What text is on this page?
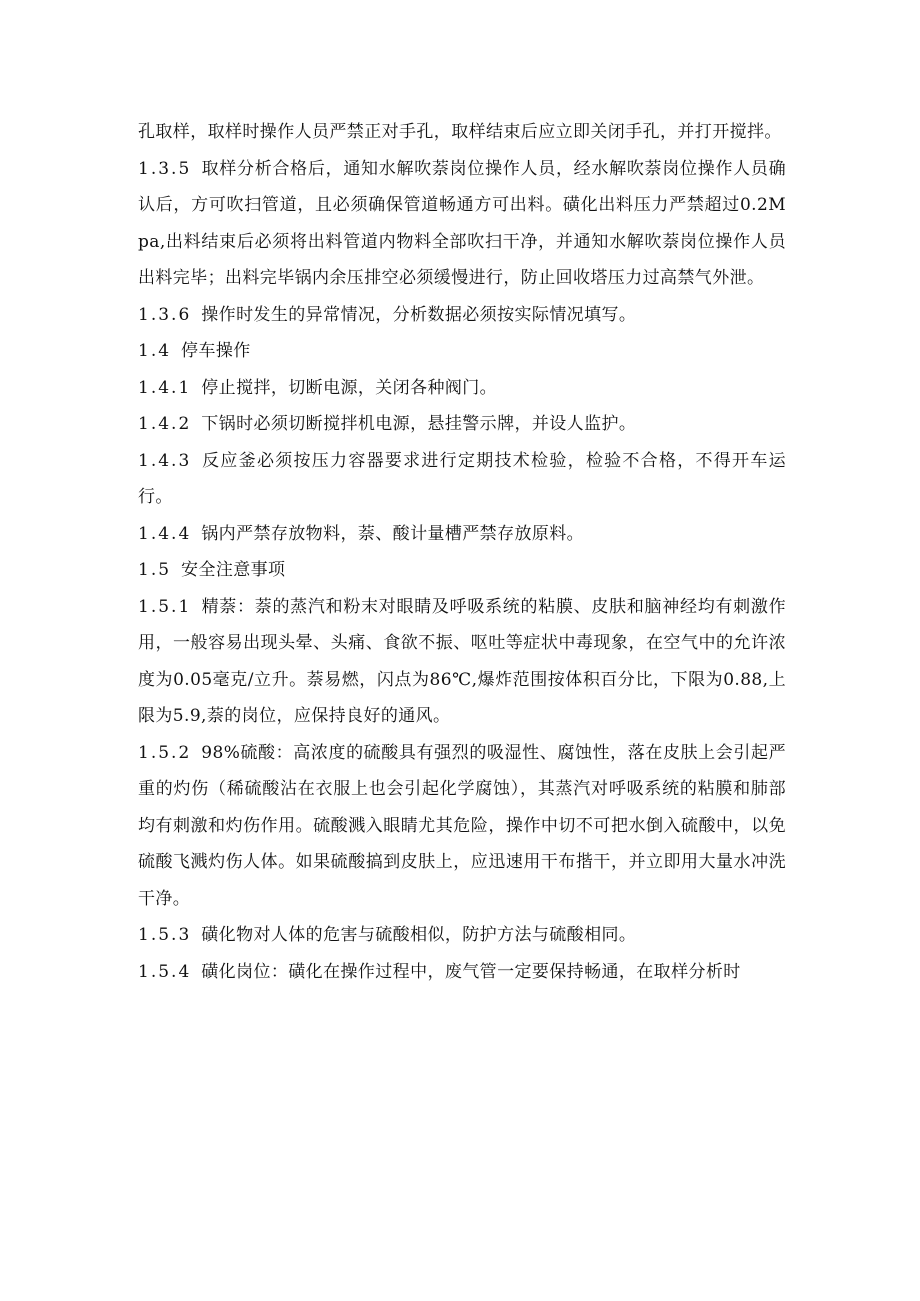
孔取样，取样时操作人员严禁正对手孔，取样结束后应立即关闭手孔，并打开搅拌。

1.3.5 取样分析合格后，通知水解吹萘岗位操作人员，经水解吹萘岗位操作人员确认后，方可吹扫管道，且必须确保管道畅通方可出料。磺化出料压力严禁超过0.2Mpa,出料结束后必须将出料管道内物料全部吹扫干净，并通知水解吹萘岗位操作人员出料完毕；出料完毕锅内余压排空必须缓慢进行，防止回收塔压力过高禁气外泄。

1.3.6 操作时发生的异常情况，分析数据必须按实际情况填写。

1.4 停车操作

1.4.1 停止搅拌，切断电源，关闭各种阀门。

1.4.2 下锅时必须切断搅拌机电源，悬挂警示牌，并设人监护。

1.4.3 反应釜必须按压力容器要求进行定期技术检验，检验不合格，不得开车运行。

1.4.4 锅内严禁存放物料，萘、酸计量槽严禁存放原料。

1.5 安全注意事项

1.5.1 精萘：萘的蒸汽和粉末对眼睛及呼吸系统的粘膜、皮肤和脑神经均有刺激作用，一般容易出现头晕、头痛、食欲不振、呕吐等症状中毒现象，在空气中的允许浓度为0.05毫克/立升。萘易燃，闪点为86℃,爆炸范围按体积百分比，下限为0.88,上限为5.9,萘的岗位，应保持良好的通风。

1.5.2 98%硫酸：高浓度的硫酸具有强烈的吸湿性、腐蚀性，落在皮肤上会引起严重的灼伤（稀硫酸沾在衣服上也会引起化学腐蚀），其蒸汽对呼吸系统的粘膜和肺部均有刺激和灼伤作用。硫酸溅入眼睛尤其危险，操作中切不可把水倒入硫酸中，以免硫酸飞溅灼伤人体。如果硫酸搞到皮肤上，应迅速用干布揩干，并立即用大量水冲洗干净。

1.5.3 磺化物对人体的危害与硫酸相似，防护方法与硫酸相同。

1.5.4 磺化岗位：磺化在操作过程中，废气管一定要保持畅通，在取样分析时
